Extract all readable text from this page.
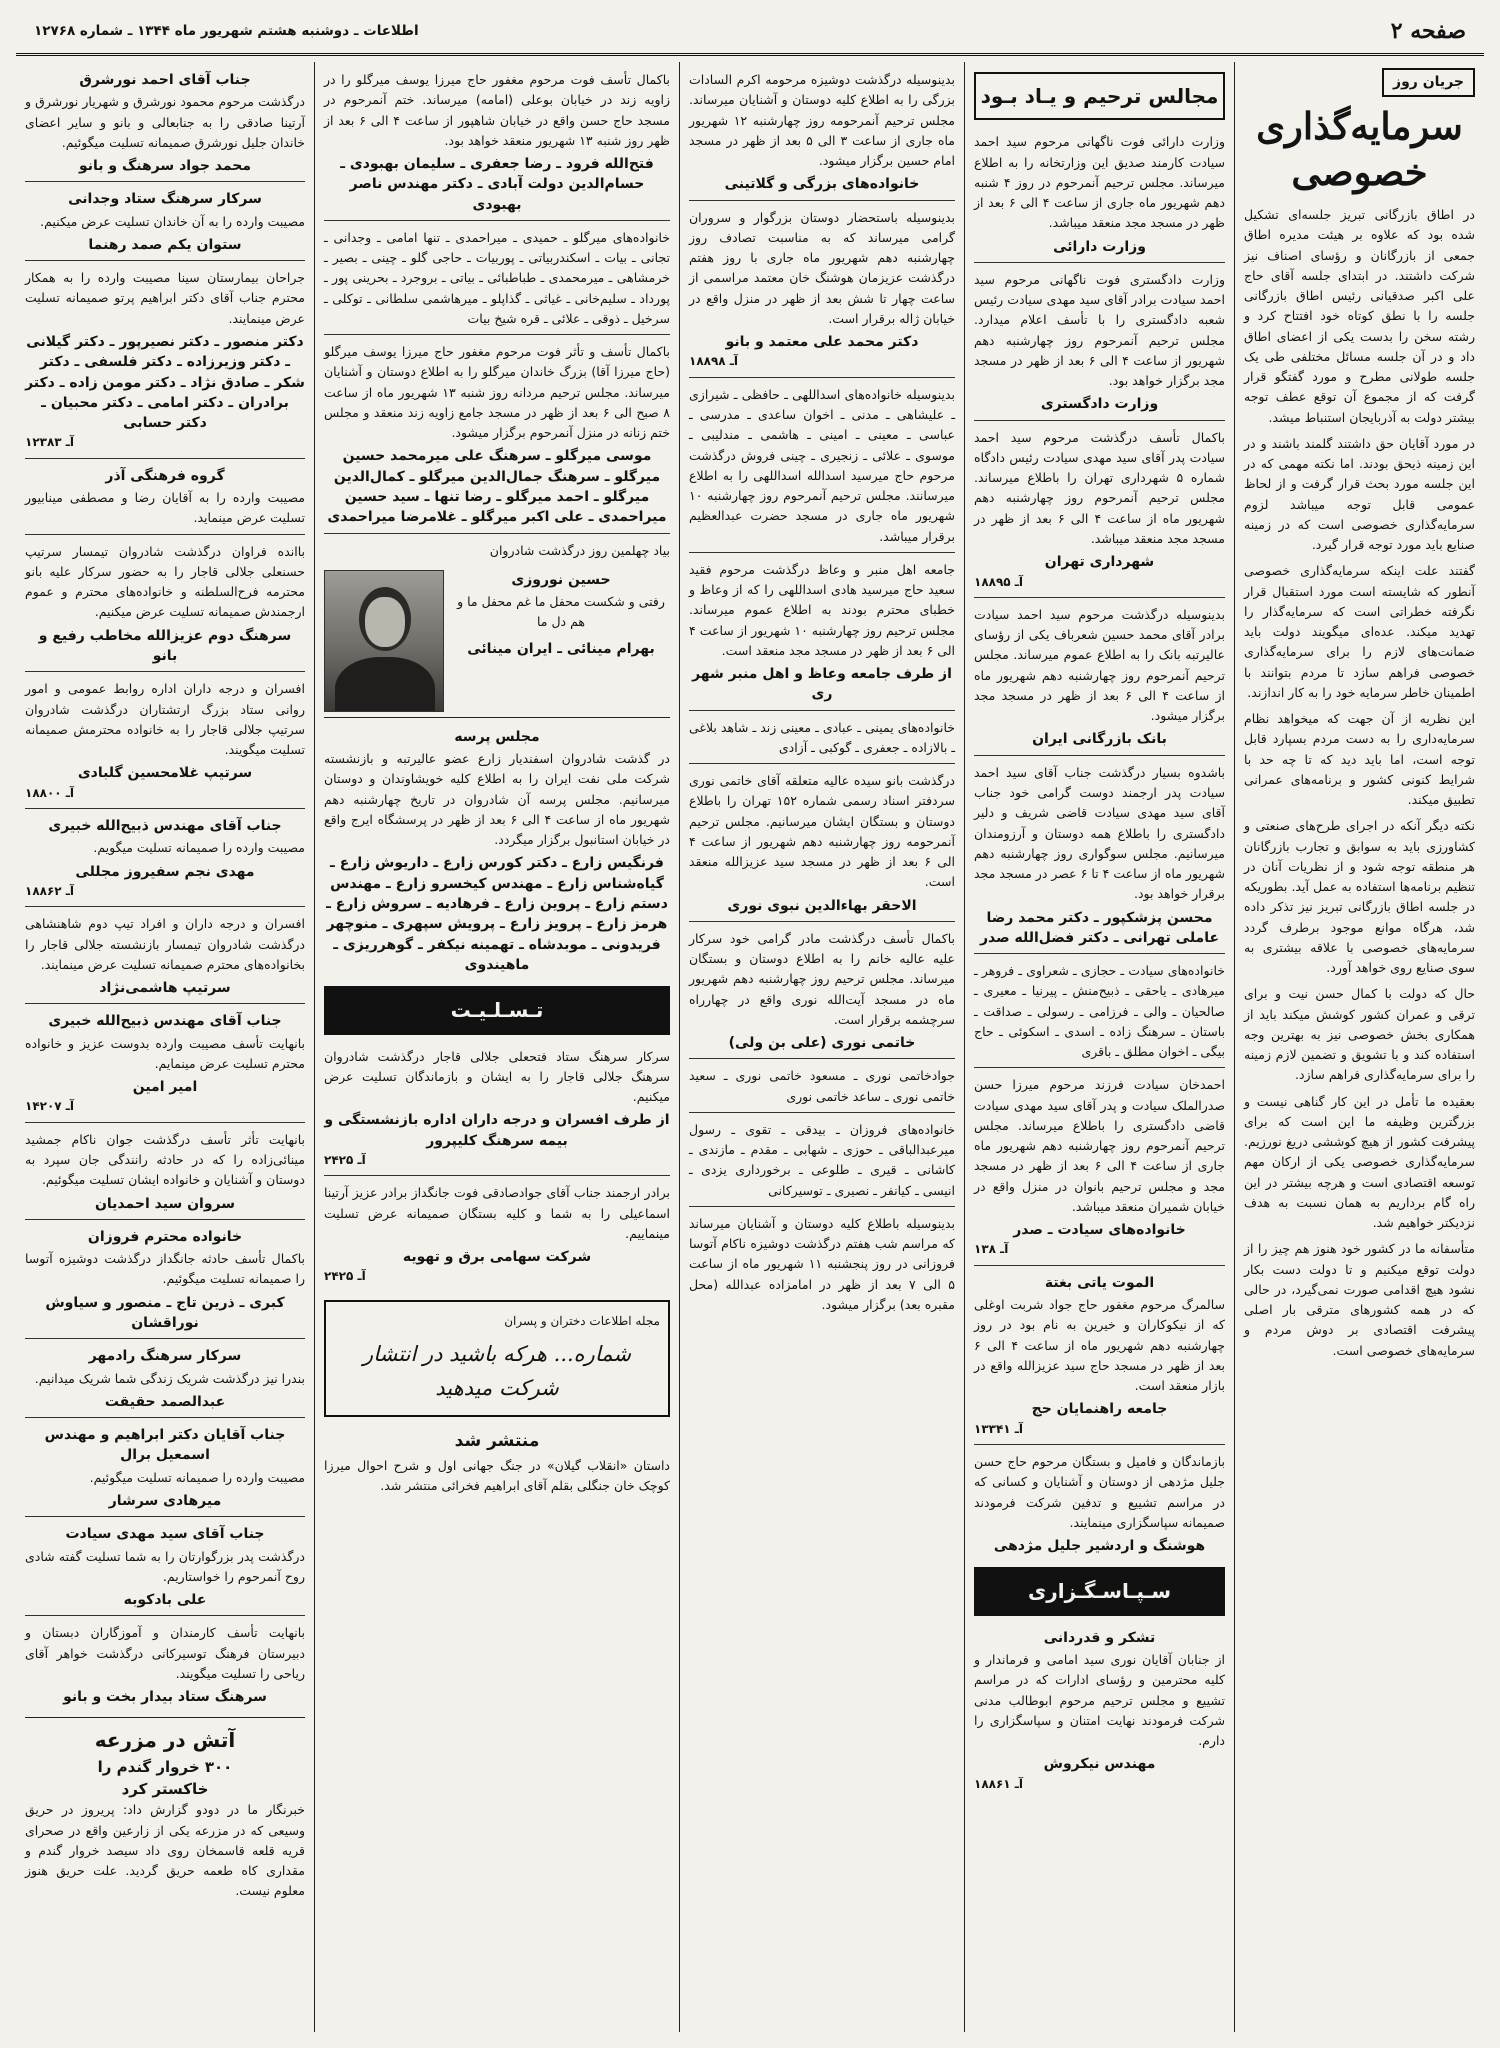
صفحه ۲
اطلاعات ـ دوشنبه هشتم شهریور ماه ۱۳۴۴ ـ شماره ۱۲۷۶۸
جریان روز
سرمایه‌گذاری
خصوصی

در اطاق بازرگانی تبریز جلسه‌ای تشکیل شده بود که علاوه بر هیئت مدیره اطاق جمعی از بازرگانان و رؤسای اصناف نیز شرکت داشتند. در ابتدای جلسه آقای حاج علی اکبر صدقیانی رئیس اطاق بازرگانی جلسه را با نطق کوتاه خود افتتاح کرد و رشته سخن را بدست یکی از اعضای اطاق داد و در آن جلسه مسائل مختلفی طی یک جلسه طولانی مطرح و مورد گفتگو قرار گرفت که از مجموع آن توقع عطف توجه بیشتر دولت به آذربایجان استنباط میشد.

در مورد آقایان حق داشتند گلمند باشند و در این زمینه ذیحق بودند. اما نکته مهمی که در این جلسه مورد بحث قرار گرفت و از لحاظ عمومی قابل توجه میباشد لزوم سرمایه‌گذاری خصوصی است که در زمینه صنایع باید مورد توجه قرار گیرد.

گفتند علت اینکه سرمایه‌گذاری خصوصی آنطور که شایسته است مورد استقبال قرار نگرفته خطراتی است که سرمایه‌گذار را تهدید میکند. عده‌ای میگویند دولت باید ضمانت‌های لازم را برای سرمایه‌گذاری خصوصی فراهم سازد تا مردم بتوانند با اطمینان خاطر سرمایه خود را به کار اندازند.

این نظریه از آن جهت که میخواهد نظام سرمایه‌داری را به دست مردم بسپارد قابل توجه است، اما باید دید که تا چه حد با شرایط کنونی کشور و برنامه‌های عمرانی تطبیق میکند.

نکته دیگر آنکه در اجرای طرح‌های صنعتی و کشاورزی باید به سوابق و تجارب بازرگانان هر منطقه توجه شود و از نظریات آنان در تنظیم برنامه‌ها استفاده به عمل آید. بطوریکه در جلسه اطاق بازرگانی تبریز نیز تذکر داده شد، هرگاه موانع موجود برطرف گردد سرمایه‌های خصوصی با علاقه بیشتری به سوی صنایع روی خواهد آورد.

حال که دولت با کمال حسن نیت و برای ترقی و عمران کشور کوشش میکند باید از همکاری بخش خصوصی نیز به بهترین وجه استفاده کند و با تشویق و تضمین لازم زمینه را برای سرمایه‌گذاری فراهم سازد.

بعقیده ما تأمل در این کار گناهی نیست و بزرگترین وظیفه ما این است که برای پیشرفت کشور از هیچ کوششی دریغ نورزیم. سرمایه‌گذاری خصوصی یکی از ارکان مهم توسعه اقتصادی است و هرچه بیشتر در این راه گام برداریم به همان نسبت به هدف نزدیکتر خواهیم شد.

متأسفانه ما در کشور خود هنوز هم چیز را از دولت توقع میکنیم و تا دولت دست بکار نشود هیچ اقدامی صورت نمی‌گیرد، در حالی که در همه کشورهای مترقی بار اصلی پیشرفت اقتصادی بر دوش مردم و سرمایه‌های خصوصی است.

مجالس ترحیم و یـاد بـود

وزارت دارائی فوت ناگهانی مرحوم سید احمد سیادت کارمند صدیق این وزارتخانه را به اطلاع میرساند. مجلس ترحیم آنمرحوم در روز ۴ شنبه دهم شهریور ماه جاری از ساعت ۴ الی ۶ بعد از ظهر در مسجد مجد منعقد میباشد.

وزارت دارائی

وزارت دادگستری فوت ناگهانی مرحوم سید احمد سیادت برادر آقای سید مهدی سیادت رئیس شعبه دادگستری را با تأسف اعلام میدارد. مجلس ترحیم آنمرحوم روز چهارشنبه دهم شهریور از ساعت ۴ الی ۶ بعد از ظهر در مسجد مجد برگزار خواهد بود.

وزارت دادگستری

باکمال تأسف درگذشت مرحوم سید احمد سیادت پدر آقای سید مهدی سیادت رئیس دادگاه شماره ۵ شهرداری تهران را باطلاع میرساند. مجلس ترحیم آنمرحوم روز چهارشنبه دهم شهریور ماه از ساعت ۴ الی ۶ بعد از ظهر در مسجد مجد منعقد میباشد.

شهرداری تهران
آـ ۱۸۸۹۵

بدینوسیله درگذشت مرحوم سید احمد سیادت برادر آقای محمد حسین شعرباف یکی از رؤسای عالیرتبه بانک را به اطلاع عموم میرساند. مجلس ترحیم آنمرحوم روز چهارشنبه دهم شهریور ماه از ساعت ۴ الی ۶ بعد از ظهر در مسجد مجد برگزار میشود.

بانک بازرگانی ایران

باشدوه بسیار درگذشت جناب آقای سید احمد سیادت پدر ارجمند دوست گرامی خود جناب آقای سید مهدی سیادت قاضی شریف و دلیر دادگستری را باطلاع همه دوستان و آرزومندان میرسانیم. مجلس سوگواری روز چهارشنبه دهم شهریور ماه از ساعت ۴ تا ۶ عصر در مسجد مجد برقرار خواهد بود.

محسن پزشکپور ـ دکتر محمد رضا عاملی تهرانی ـ دکتر فضل‌الله صدر

خانواده‌های سیادت ـ حجازی ـ شعراوی ـ فروهر ـ میرهادی ـ یاحقی ـ ذبیح‌منش ـ پیرنیا ـ معیری ـ صالحیان ـ والی ـ فرزامی ـ رسولی ـ صداقت ـ باستان ـ سرهنگ زاده ـ اسدی ـ اسکوئی ـ حاج بیگی ـ اخوان مطلق ـ باقری

احمدخان سیادت فرزند مرحوم میرزا حسن صدرالملک سیادت و پدر آقای سید مهدی سیادت قاضی دادگستری را باطلاع میرساند. مجلس ترحیم آنمرحوم روز چهارشنبه دهم شهریور ماه جاری از ساعت ۴ الی ۶ بعد از ظهر در مسجد مجد و مجلس ترحیم بانوان در منزل واقع در خیابان شمیران منعقد میباشد.

خانواده‌های سیادت ـ صدر
آـ ۱۳۸
الموت یاتی بغتة

سالمرگ مرحوم مغفور حاج جواد شربت اوغلی که از نیکوکاران و خیرین به نام بود در روز چهارشنبه دهم شهریور ماه از ساعت ۴ الی ۶ بعد از ظهر در مسجد حاج سید عزیزالله واقع در بازار منعقد است.

جامعه راهنمایان حج
آـ ۱۳۳۴۱

بازماندگان و فامیل و بستگان مرحوم حاج حسن جلیل مژدهی از دوستان و آشنایان و کسانی که در مراسم تشییع و تدفین شرکت فرمودند صمیمانه سپاسگزاری مینمایند.

هوشنگ و اردشیر جلیل مژدهی
سـپـاسـگـزاری
تشکر و قدردانی

از جنابان آقایان نوری سید امامی و فرماندار و کلیه محترمین و رؤسای ادارات که در مراسم تشییع و مجلس ترحیم مرحوم ابوطالب مدنی شرکت فرمودند نهایت امتنان و سپاسگزاری را دارم.

مهندس نیکروش
آـ ۱۸۸۶۱

بدینوسیله درگذشت دوشیزه مرحومه اکرم السادات بزرگی را به اطلاع کلیه دوستان و آشنایان میرساند. مجلس ترحیم آنمرحومه روز چهارشنبه ۱۲ شهریور ماه جاری از ساعت ۳ الی ۵ بعد از ظهر در مسجد امام حسین برگزار میشود.

خانواده‌های بزرگی و گلاتینی

بدینوسیله باستحضار دوستان بزرگوار و سروران گرامی میرساند که به مناسبت تصادف روز چهارشنبه دهم شهریور ماه جاری با روز هفتم درگذشت عزیزمان هوشنگ خان معتمد مراسمی از ساعت چهار تا شش بعد از ظهر در منزل واقع در خیابان ژاله برقرار است.

دکتر محمد علی معتمد و بانو
آـ ۱۸۸۹۸

بدینوسیله خانواده‌های اسداللهی ـ حافظی ـ شیرازی ـ علیشاهی ـ مدنی ـ اخوان ساعدی ـ مدرسی ـ عباسی ـ معینی ـ امینی ـ هاشمی ـ مندلیبی ـ موسوی ـ علائی ـ زنجیری ـ چینی فروش درگذشت مرحوم حاج میرسید اسدالله اسداللهی را به اطلاع میرسانند. مجلس ترحیم آنمرحوم روز چهارشنبه ۱۰ شهریور ماه جاری در مسجد حضرت عبدالعظیم برقرار میباشد.

جامعه اهل منبر و وعاظ درگذشت مرحوم فقید سعید حاج میرسید هادی اسداللهی را که از وعاظ و خطبای محترم بودند به اطلاع عموم میرساند. مجلس ترحیم روز چهارشنبه ۱۰ شهریور از ساعت ۴ الی ۶ بعد از ظهر در مسجد مجد منعقد است.

از طرف جامعه وعاظ و اهل منبر شهر ری

خانواده‌های یمینی ـ عبادی ـ معینی زند ـ شاهد بلاغی ـ بالازاده ـ جعفری ـ گوکبی ـ آزادی

درگذشت بانو سیده عالیه متعلقه آقای خاتمی نوری سردفتر اسناد رسمی شماره ۱۵۲ تهران را باطلاع دوستان و بستگان ایشان میرسانیم. مجلس ترحیم آنمرحومه روز چهارشنبه دهم شهریور از ساعت ۴ الی ۶ بعد از ظهر در مسجد سید عزیزالله منعقد است.

الاحقر بهاءالدین نبوی نوری

باکمال تأسف درگذشت مادر گرامی خود سرکار علیه عالیه خانم را به اطلاع دوستان و بستگان میرساند. مجلس ترحیم روز چهارشنبه دهم شهریور ماه در مسجد آیت‌الله نوری واقع در چهارراه سرچشمه برقرار است.

خاتمی نوری (علی بن ولی)

جوادخاتمی نوری ـ مسعود خاتمی نوری ـ سعید خاتمی نوری ـ ساعد خاتمی نوری

خانواده‌های فروزان ـ بیدقی ـ تقوی ـ رسول میرعبدالباقی ـ حوزی ـ شهابی ـ مقدم ـ مازندی ـ کاشانی ـ قیری ـ طلوعی ـ برخورداری یزدی ـ انیسی ـ کیانفر ـ نصیری ـ توسیرکانی

بدینوسیله باطلاع کلیه دوستان و آشنایان میرساند که مراسم شب هفتم درگذشت دوشیزه ناکام آتوسا فروزانی در روز پنجشنبه ۱۱ شهریور ماه از ساعت ۵ الی ۷ بعد از ظهر در امامزاده عبدالله (محل مقبره بعد) برگزار میشود.

باکمال تأسف فوت مرحوم مغفور حاج میرزا یوسف میرگلو را در زاویه زند در خیابان بوعلی (امامه) میرساند. ختم آنمرحوم در مسجد حاج حسن واقع در خیابان شاهپور از ساعت ۴ الی ۶ بعد از ظهر روز شنبه ۱۳ شهریور منعقد خواهد بود.

فتح‌الله فرود ـ رضا جعفری ـ سلیمان بهبودی ـ حسام‌الدین دولت آبادی ـ دکتر مهندس ناصر بهبودی

خانواده‌های میرگلو ـ حمیدی ـ میراحمدی ـ تنها امامی ـ وجدانی ـ تجانی ـ بیات ـ اسکندربیاتی ـ پوربیات ـ حاجی گلو ـ چینی ـ بصیر ـ خرمشاهی ـ میرمحمدی ـ طباطبائی ـ بیاتی ـ بروجرد ـ بحرینی پور ـ پورداد ـ سلیم‌خانی ـ غیاثی ـ گذاپلو ـ میرهاشمی سلطانی ـ توکلی ـ سرخیل ـ ذوقی ـ علائی ـ قره شیخ بیات

باکمال تأسف و تأثر فوت مرحوم مغفور حاج میرزا یوسف میرگلو (حاج میرزا آقا) بزرگ خاندان میرگلو را به اطلاع دوستان و آشنایان میرساند. مجلس ترحیم مردانه روز شنبه ۱۳ شهریور ماه از ساعت ۸ صبح الی ۶ بعد از ظهر در مسجد جامع زاویه زند منعقد و مجلس ختم زنانه در منزل آنمرحوم برگزار میشود.

موسی میرگلو ـ سرهنگ علی میرمحمد حسین میرگلو ـ سرهنگ جمال‌الدین میرگلو ـ کمال‌الدین میرگلو ـ احمد میرگلو ـ رضا تنها ـ سید حسین میراحمدی ـ علی اکبر میرگلو ـ غلامرضا میراحمدی

بیاد چهلمین روز درگذشت شادروان

حسین نوروزی

رفتی و شکست محفل ما غم محفل ما و هم دل ما

بهرام مینائی ـ ایران مینائی
مجلس پرسه

در گذشت شادروان اسفندیار زارع عضو عالیرتبه و بازنشسته شرکت ملی نفت ایران را به اطلاع کلیه خویشاوندان و دوستان میرسانیم. مجلس پرسه آن شادروان در تاریخ چهارشنبه دهم شهریور ماه از ساعت ۴ الی ۶ بعد از ظهر در پرسشگاه ایرج واقع در خیابان استانبول برگزار میگردد.

فرنگیس زارع ـ دکتر کورس زارع ـ داریوش زارع ـ گیاه‌شناس زارع ـ مهندس کیخسرو زارع ـ مهندس دستم زارع ـ پروین زارع ـ فرهادیه ـ سروش زارع ـ هرمز زارع ـ پرویز زارع ـ پرویش سپهری ـ منوچهر فریدونی ـ موبدشاه ـ تهمینه نیکفر ـ گوهر‌ریزی ـ ماهیندوی
تـسـلـیـت

سرکار سرهنگ ستاد فتحعلی جلالی قاجار درگذشت شادروان سرهنگ جلالی قاجار را به ایشان و بازماندگان تسلیت عرض میکنیم.

از طرف افسران و درجه داران اداره بازنشستگی و بیمه سرهنگ کلیپرور
آـ ۲۴۲۵

برادر ارجمند جناب آقای جوادصادقی فوت جانگداز برادر عزیز آرتینا اسماعیلی را به شما و کلیه بستگان صمیمانه عرض تسلیت مینماییم.

شرکت سهامی برق و تهویه
آـ ۲۴۲۵
مجله اطلاعات دختران و پسران
شماره... هرکه باشید در انتشار شرکت میدهید
منتشر شد

داستان «انقلاب گیلان» در جنگ جهانی اول و شرح احوال میرزا کوچک خان جنگلی بقلم آقای ابراهیم فخرائی منتشر شد.

جناب آقای احمد نورشرق

درگذشت مرحوم محمود نورشرق و شهریار نورشرق و آرتینا صادقی را به جنابعالی و بانو و سایر اعضای خاندان جلیل نورشرق صمیمانه تسلیت میگوئیم.

محمد جواد سرهنگ و بانو
سرکار سرهنگ ستاد وجدانی

مصیبت وارده را به آن خاندان تسلیت عرض میکنیم.

ستوان یکم صمد رهنما

جراحان بیمارستان سینا مصیبت وارده را به همکار محترم جناب آقای دکتر ابراهیم پرتو صمیمانه تسلیت عرض مینمایند.

دکتر منصور ـ دکتر نصیرپور ـ دکتر گیلانی ـ دکتر وزیرزاده ـ دکتر فلسفی ـ دکتر شکر ـ صادق نژاد ـ دکتر مومن زاده ـ دکتر برادران ـ دکتر امامی ـ دکتر محبیان ـ دکتر حسابی
آـ ۱۲۳۸۳
گروه فرهنگی آذر

مصیبت وارده را به آقایان رضا و مصطفی مینابیور تسلیت عرض مینماید.

باانده فراوان درگذشت شادروان تیمسار سرتیپ حسنعلی جلالی قاجار را به حضور سرکار علیه بانو محترمه فرح‌السلطنه و خانواده‌های محترم و عموم ارجمندش صمیمانه تسلیت عرض میکنیم.

سرهنگ دوم عزیزالله مخاطب رفیع و بانو

افسران و درجه داران اداره روابط عمومی و امور روانی ستاد بزرگ ارتشتاران درگذشت شادروان سرتیپ جلالی قاجار را به خانواده محترمش صمیمانه تسلیت میگویند.

سرتیپ غلامحسین گلبادی
آـ ۱۸۸۰۰
جناب آقای مهندس ذبیح‌الله خبیری

مصیبت وارده را صمیمانه تسلیت میگویم.

مهدی نجم سفیروز مجللی
آـ ۱۸۸۶۲

افسران و درجه داران و افراد تیپ دوم شاهنشاهی درگذشت شادروان تیمسار بازنشسته جلالی قاجار را بخانواده‌های محترم صمیمانه تسلیت عرض مینمایند.

سرتیپ هاشمی‌نژاد
جناب آقای مهندس ذبیح‌الله خبیری

بانهایت تأسف مصیبت وارده بدوست عزیز و خانواده محترم تسلیت عرض مینمایم.

امیر امین
آـ ۱۴۲۰۷

بانهایت تأثر تأسف درگذشت جوان ناکام جمشید مینائی‌زاده را که در حادثه رانندگی جان سپرد به دوستان و آشنایان و خانواده ایشان تسلیت میگوئیم.

سروان سید احمدیان
خانواده محترم فروزان

باکمال تأسف حادثه جانگداز درگذشت دوشیزه آتوسا را صمیمانه تسلیت میگوئیم.

کبری ـ ذرین تاج ـ منصور و سیاوش نوراقشان
سرکار سرهنگ رادمهر

بندرا نیز درگذشت شریک زندگی شما شریک میدانیم.

عبدالصمد حقیقت
جناب آقایان دکتر ابراهیم و مهندس اسمعیل برال

مصیبت وارده را صمیمانه تسلیت میگوئیم.

میرهادی سرشار
جناب آقای سید مهدی سیادت

درگذشت پدر بزرگوارتان را به شما تسلیت گفته شادی روح آنمرحوم را خواستاریم.

علی بادکوبه

بانهایت تأسف کارمندان و آموزگاران دبستان و دبیرستان فرهنگ توسیرکانی درگذشت خواهر آقای ریاحی را تسلیت میگویند.

سرهنگ ستاد بیدار بخت و بانو
آتش در مزرعه
۳۰۰ خروار گندم را
خاکستر کرد

خبرنگار ما در دودو گزارش داد: پریروز در حریق وسیعی که در مزرعه یکی از زارعین واقع در صحرای قریه قلعه قاسمخان روی داد سیصد خروار گندم و مقداری کاه طعمه حریق گردید. علت حریق هنوز معلوم نیست.
